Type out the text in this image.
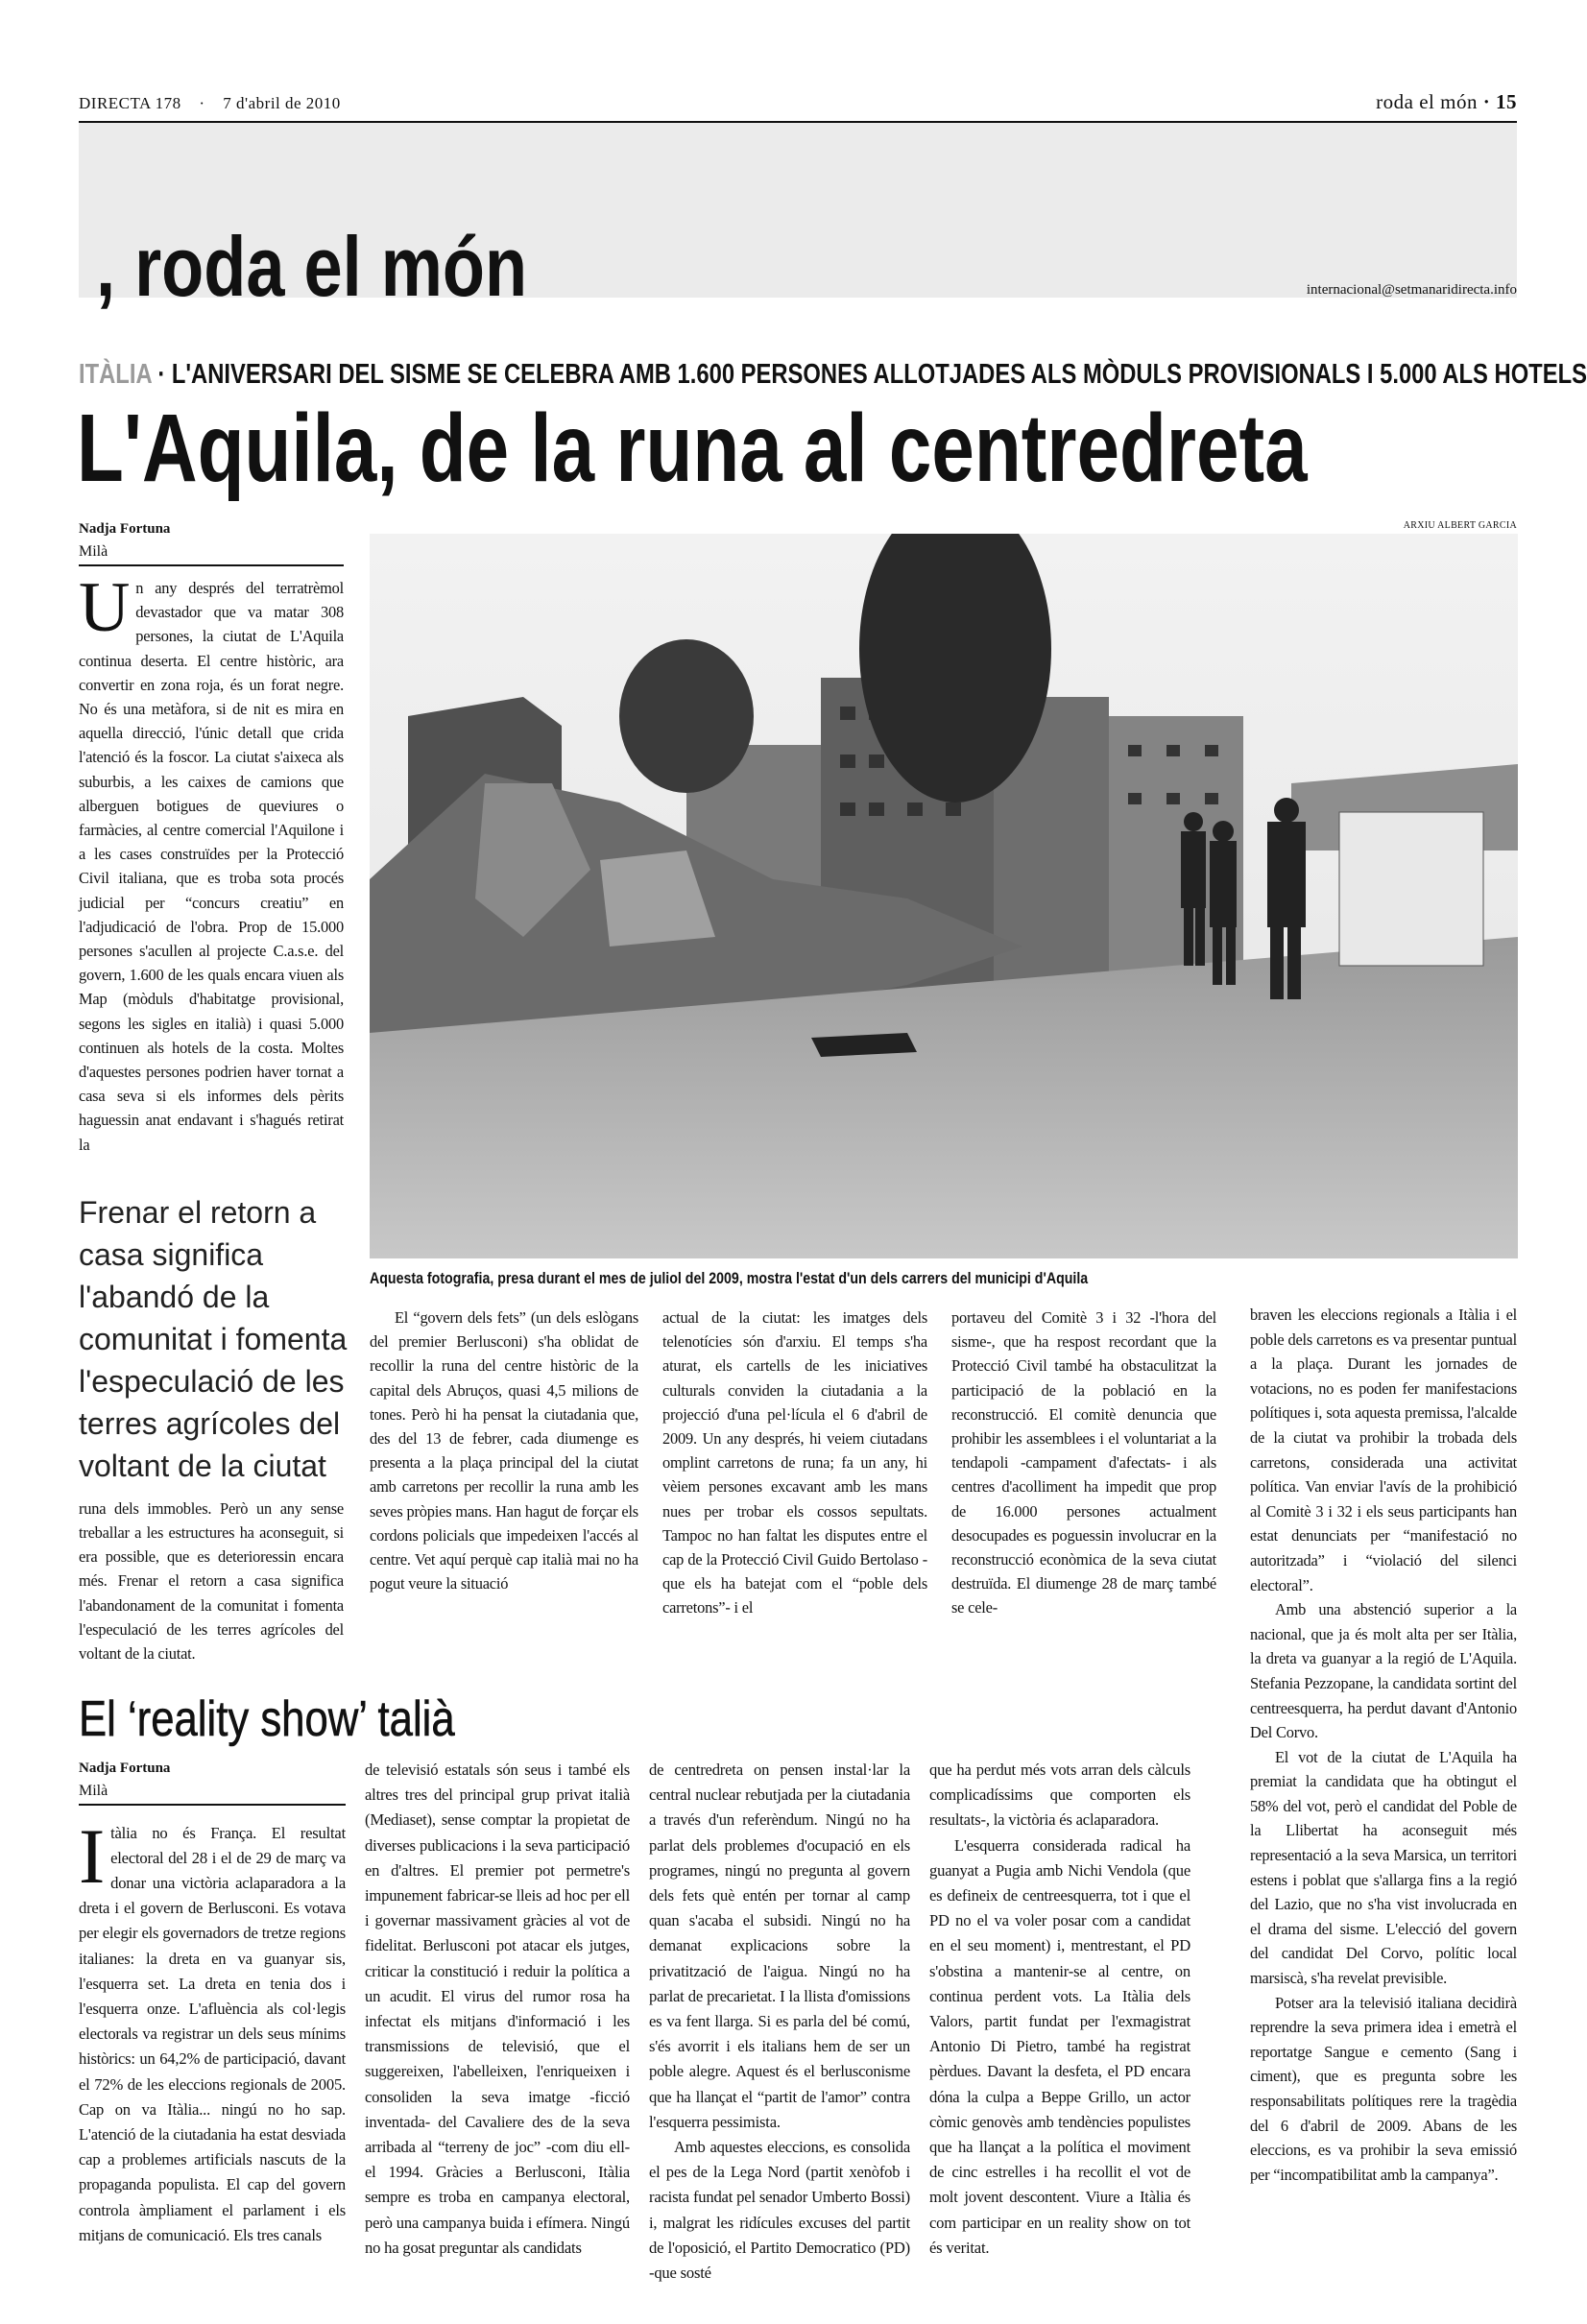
DIRECTA 178 · 7 d'abril de 2010	roda el món · 15
, roda el món	internacional@setmanaridirecta.info
ITÀLIA · L'ANIVERSARI DEL SISME SE CELEBRA AMB 1.600 PERSONES ALLOTJADES ALS MÒDULS PROVISIONALS I 5.000 ALS HOTELS
L'Aquila, de la runa al centredreta
Nadja Fortuna
Milà
ARXIU ALBERT GARCIA
Un any després del terratrèmol devastador que va matar 308 persones, la ciutat de L'Aquila continua deserta. El centre històric, ara convertir en zona roja, és un forat negre. No és una metàfora, si de nit es mira en aquella direcció, l'únic detall que crida l'atenció és la foscor. La ciutat s'aixeca als suburbis, a les caixes de camions que alberguen botigues de queviures o farmàcies, al centre comercial l'Aquilone i a les cases construïdes per la Protecció Civil italiana, que es troba sota procés judicial per “concurs creatiu” en l'adjudicació de l'obra. Prop de 15.000 persones s'acullen al projecte C.a.s.e. del govern, 1.600 de les quals encara viuen als Map (mòduls d'habitatge provisional, segons les sigles en italià) i quasi 5.000 continuen als hotels de la costa. Moltes d'aquestes persones podrien haver tornat a casa seva si els informes dels pèrits haguessin anat endavant i s'hagués retirat la
Frenar el retorn a casa significa l'abandó de la comunitat i fomenta l'especulació de les terres agrícoles del voltant de la ciutat
runa dels immobles. Però un any sense treballar a les estructures ha aconseguit, si era possible, que es deterioressin encara més. Frenar el retorn a casa significa l'abandonament de la comunitat i fomenta l'especulació de les terres agrícoles del voltant de la ciutat.
Aquesta fotografia, presa durant el mes de juliol del 2009, mostra l'estat d'un dels carrers del municipi d'Aquila

El “govern dels fets” (un dels eslògans del premier Berlusconi) s'ha oblidat de recollir la runa del centre històric de la capital dels Abruços, quasi 4,5 milions de tones. Però hi ha pensat la ciutadania que, des del 13 de febrer, cada diumenge es presenta a la plaça principal del la ciutat amb carretons per recollir la runa amb les seves pròpies mans. Han hagut de forçar els cordons policials que impedeixen l'accés al centre. Vet aquí perquè cap italià mai no ha pogut veure la situació

actual de la ciutat: les imatges dels telenotícies són d'arxiu. El temps s'ha aturat, els cartells de les iniciatives culturals conviden la ciutadania a la projecció d'una pel·lícula el 6 d'abril de 2009. Un any després, hi veiem ciutadans omplint carretons de runa; fa un any, hi vèiem persones excavant amb les mans nues per trobar els cossos sepultats. Tampoc no han faltat les disputes entre el cap de la Protecció Civil Guido Bertolaso -que els ha batejat com el “poble dels carretons”- i el
portaveu del Comitè 3 i 32 -l'hora del sisme-, que ha respost recordant que la Protecció Civil també ha obstaculitzat la participació de la població en la reconstrucció. El comitè denuncia que prohibir les assemblees i el voluntariat a la tendapoli -campament d'afectats- i als centres d'acolliment ha impedit que prop de 16.000 persones actualment desocupades es poguessin involucrar en la reconstrucció econòmica de la seva ciutat destruïda. El diumenge 28 de març també se cele-

braven les eleccions regionals a Itàlia i el poble dels carretons es va presentar puntual a la plaça. Durant les jornades de votacions, no es poden fer manifestacions polítiques i, sota aquesta premissa, l'alcalde de la ciutat va prohibir la trobada dels carretons, considerada una activitat política. Van enviar l'avís de la prohibició al Comitè 3 i 32 i els seus participants han estat denunciats per “manifestació no autoritzada” i “violació del silenci electoral”.

Amb una abstenció superior a la nacional, que ja és molt alta per ser Itàlia, la dreta va guanyar a la regió de L'Aquila. Stefania Pezzopane, la candidata sortint del centreesquerra, ha perdut davant d'Antonio Del Corvo.

El vot de la ciutat de L'Aquila ha premiat la candidata que ha obtingut el 58% del vot, però el candidat del Poble de la Llibertat ha aconseguit més representació a la seva Marsica, un territori estens i poblat que s'allarga fins a la regió del Lazio, que no s'ha vist involucrada en el drama del sisme. L'elecció del govern del candidat Del Corvo, polític local marsiscà, s'ha revelat previsible.

Potser ara la televisió italiana decidirà reprendre la seva primera idea i emetrà el reportatge Sangue e cemento (Sang i ciment), que es pregunta sobre les responsabilitats polítiques rere la tragèdia del 6 d'abril de 2009. Abans de les eleccions, es va prohibir la seva emissió per “incompatibilitat amb la campanya”.

El ‘reality show’ talià
Nadja Fortuna
Milà
Itàlia no és França. El resultat electoral del 28 i el de 29 de març va donar una victòria aclaparadora a la dreta i el govern de Berlusconi. Es votava per elegir els governadors de tretze regions italianes: la dreta en va guanyar sis, l'esquerra set. La dreta en tenia dos i l'esquerra onze. L'afluència als col·legis electorals va registrar un dels seus mínims històrics: un 64,2% de participació, davant el 72% de les eleccions regionals de 2005. Cap on va Itàlia... ningú no ho sap. L'atenció de la ciutadania ha estat desviada cap a problemes artificials nascuts de la propaganda populista. El cap del govern controla àmpliament el parlament i els mitjans de comunicació. Els tres canals
de televisió estatals són seus i també els altres tres del principal grup privat italià (Mediaset), sense comptar la propietat de diverses publicacions i la seva participació en d'altres. El premier pot permetre's impunement fabricar-se lleis ad hoc per ell i governar massivament gràcies al vot de fidelitat. Berlusconi pot atacar els jutges, criticar la constitució i reduir la política a un acudit. El virus del rumor rosa ha infectat els mitjans d'informació i les transmissions de televisió, que el suggereixen, l'abelleixen, l'enriqueixen i consoliden la seva imatge -ficció inventada- del Cavaliere des de la seva arribada al “terreny de joc” -com diu ell- el 1994. Gràcies a Berlusconi, Itàlia sempre es troba en campanya electoral, però una campanya buida i efímera. Ningú no ha gosat preguntar als candidats

de centredreta on pensen instal·lar la central nuclear rebutjada per la ciutadania a través d'un referèndum. Ningú no ha parlat dels problemes d'ocupació en els programes, ningú no pregunta al govern dels fets què entén per tornar al camp quan s'acaba el subsidi. Ningú no ha demanat explicacions sobre la privatització de l'aigua. Ningú no ha parlat de precarietat. I la llista d'omissions es va fent llarga. Si es parla del bé comú, s'és avorrit i els italians hem de ser un poble alegre. Aquest és el berlusconisme que ha llançat el “partit de l'amor” contra l'esquerra pessimista.

Amb aquestes eleccions, es consolida el pes de la Lega Nord (partit xenòfob i racista fundat pel senador Umberto Bossi) i, malgrat les ridícules excuses del partit de l'oposició, el Partito Democratico (PD) -que sosté

que ha perdut més vots arran dels càlculs complicadíssims que comporten els resultats-, la victòria és aclaparadora.

L'esquerra considerada radical ha guanyat a Pugia amb Nichi Vendola (que es defineix de centreesquerra, tot i que el PD no el va voler posar com a candidat en el seu moment) i, mentrestant, el PD s'obstina a mantenir-se al centre, on continua perdent vots. La Itàlia dels Valors, partit fundat per l'exmagistrat Antonio Di Pietro, també ha registrat pèrdues. Davant la desfeta, el PD encara dóna la culpa a Beppe Grillo, un actor còmic genovès amb tendències populistes que ha llançat a la política el moviment de cinc estrelles i ha recollit el vot de molt jovent descontent. Viure a Itàlia és com participar en un reality show on tot és veritat.
